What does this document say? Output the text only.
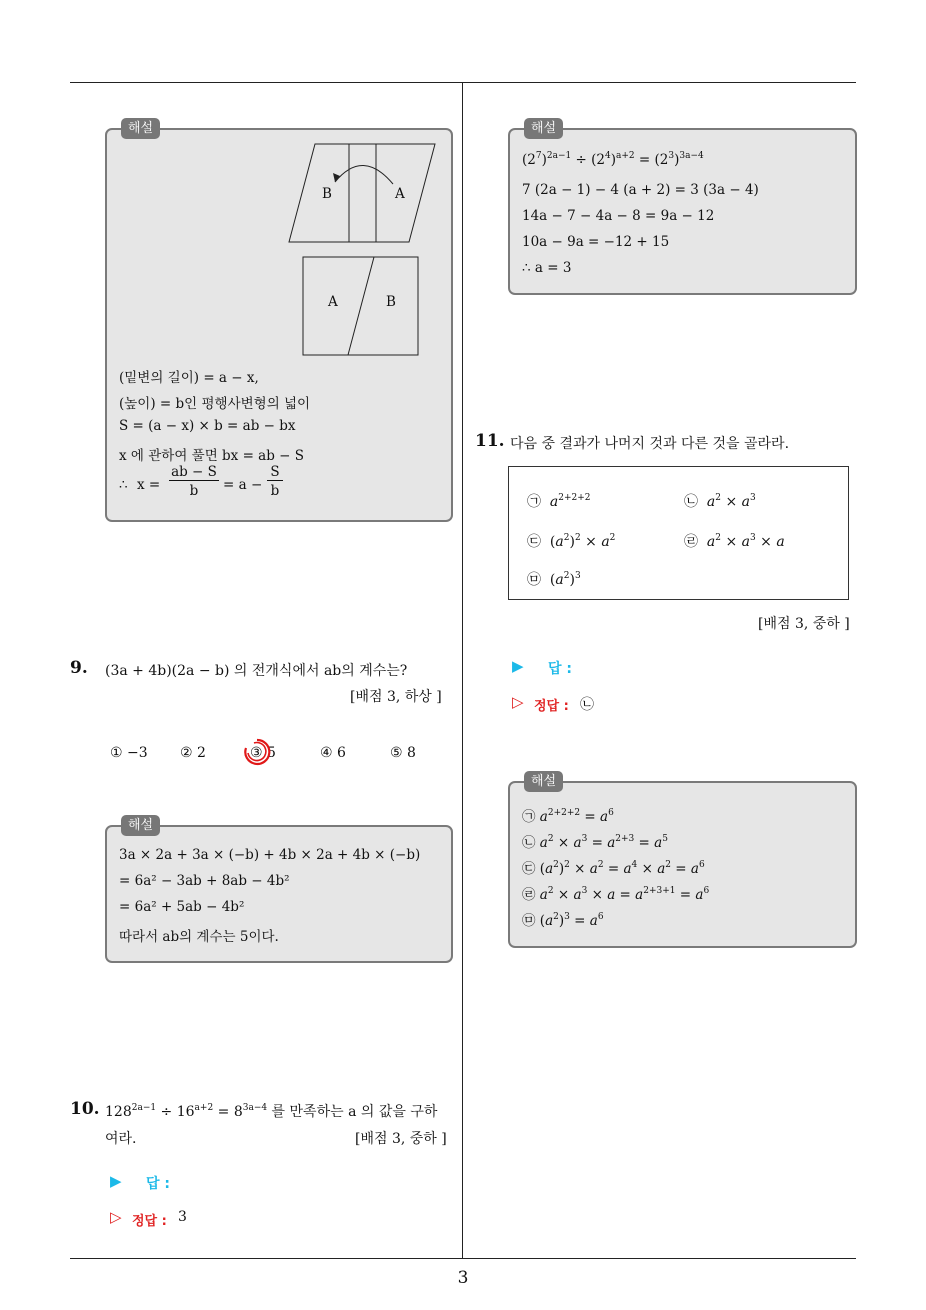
3
해설
B	A
A	B
(밑변의 길이) = a − x,
(높이) = b인 평행사변형의 넓이
S = (a − x) × b = ab − bx
x 에 관하여 풀면 bx = ab − S
∴ x =
ab − S
b	= a −
S
b
9. (3a + 4b)(2a − b) 의 전개식에서 ab의 계수는?
[배점 3, 하상 ]
① −3 ② 2	③ 5	④ 6	⑤ 8
해설
3a × 2a + 3a × (−b) + 4b × 2a + 4b × (−b)
= 6a² − 3ab + 8ab − 4b²
= 6a² + 5ab − 4b²
따라서 ab의 계수는 5이다.
10. $128^{2a-1} \div 16^{a+2} = 8^{3a-4}$ 를 만족하는 a 의 값을 구하
여라.	[배점 3, 중하 ]
▶ 답 :
▷ 정답 : 3
해설
$(2^7)^{2a-1} \div (2^4)^{a+2} = (2^3)^{3a-4}$
7 (2a − 1) − 4 (a + 2) = 3 (3a − 4)
14a − 7 − 4a − 8 = 9a − 12
10a − 9a = −12 + 15
∴ a = 3
11. 다음 중 결과가 나머지 것과 다른 것을 골라라.
㉠  $a^{2+2+2}$	㉡  $a^2 \times a^3$
㉢  $(a^2)^2 \times a^2$	㉣  $a^2 \times a^3 \times a$
㉤  $(a^2)^3$
[배점 3, 중하 ]
▶ 답 :
▷ 정답 : ㉡
해설
㉠ $a^{2+2+2} = a^6$
㉡ $a^2 \times a^3 = a^{2+3} = a^5$
㉢ $(a^2)^2 \times a^2 = a^4 \times a^2 = a^6$
㉣ $a^2 \times a^3 \times a = a^{2+3+1} = a^6$
㉤ $(a^2)^3 = a^6$
